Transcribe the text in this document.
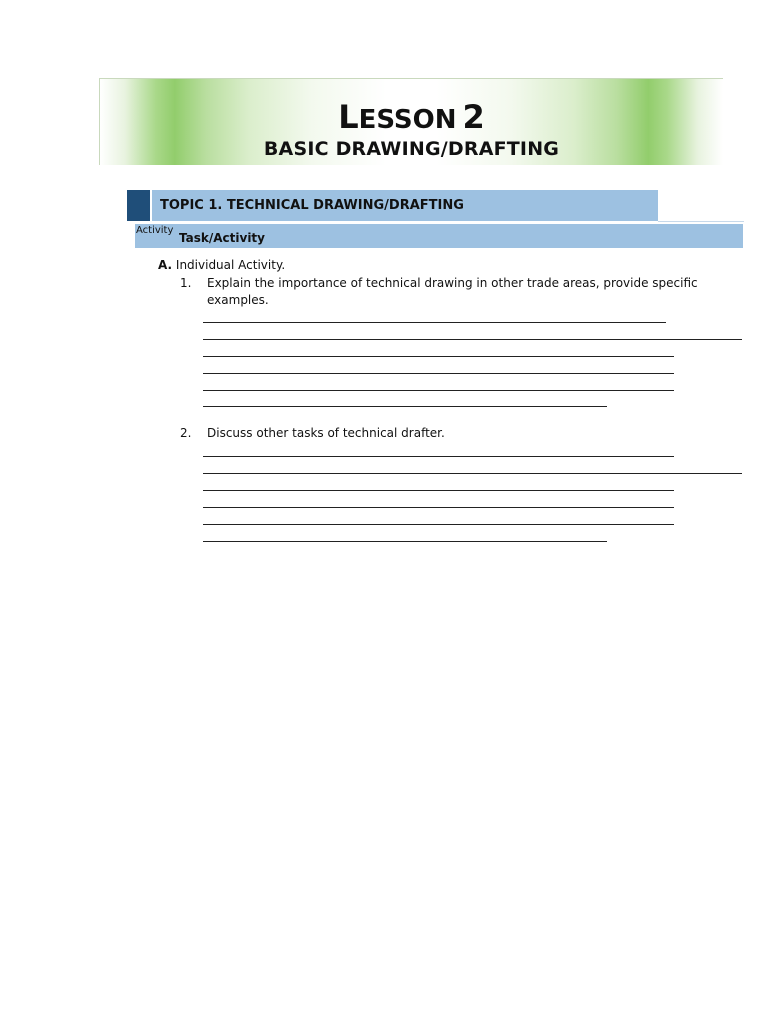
LESSON 2
BASIC DRAWING/DRAFTING
TOPIC 1. TECHNICAL DRAWING/DRAFTING
Activity
Task/Activity
A. Individual Activity.
1. Explain the importance of technical drawing in other trade areas, provide specific examples.
2. Discuss other tasks of technical drafter.
